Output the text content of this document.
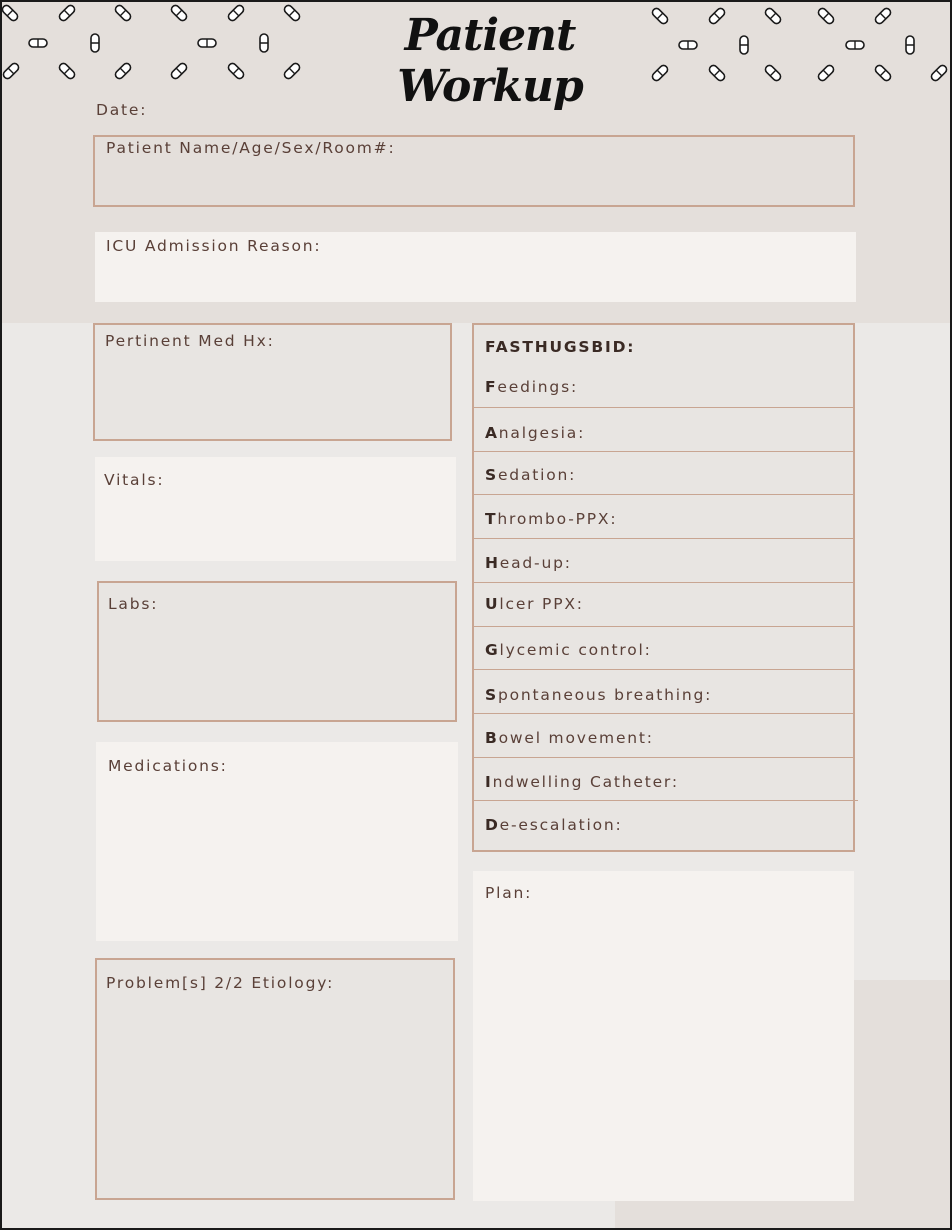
Patient Workup
Date:
Patient Name/Age/Sex/Room#:
ICU Admission Reason:
Pertinent Med Hx:
Vitals:
Labs:
Medications:
Problem[s] 2/2 Etiology:
FASTHUGSBID:
Feedings:
Analgesia:
Sedation:
Thrombo-PPX:
Head-up:
Ulcer PPX:
Glycemic control:
Spontaneous breathing:
Bowel movement:
Indwelling Catheter:
De-escalation:
Plan:
